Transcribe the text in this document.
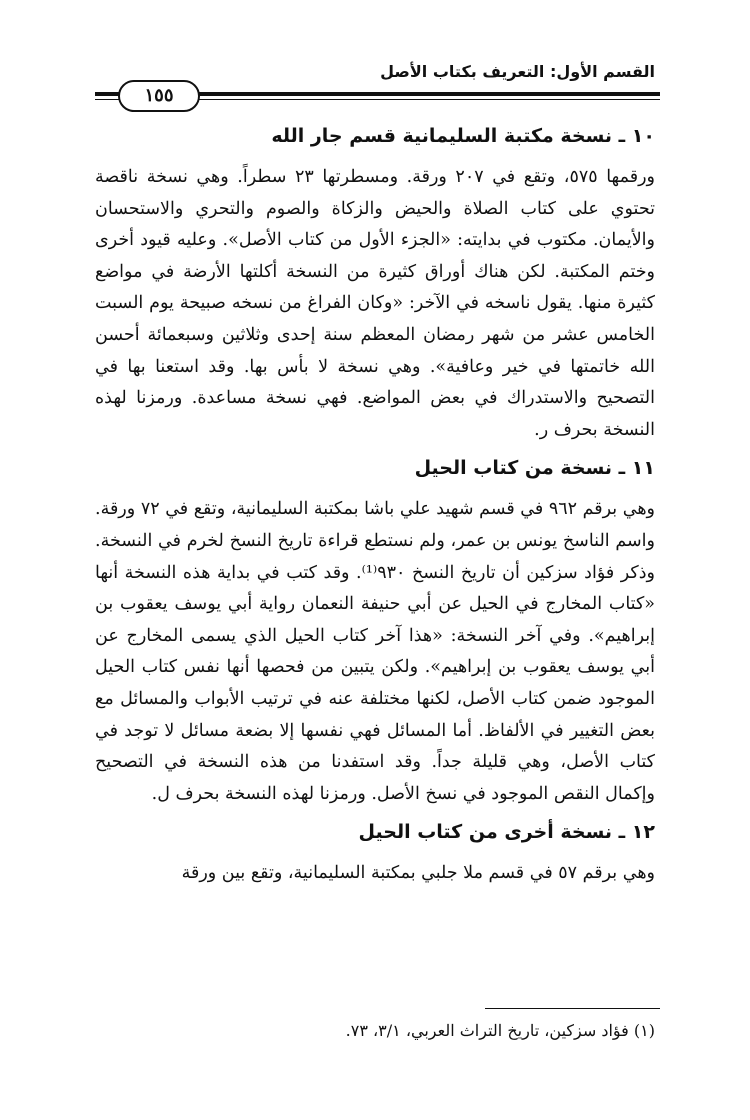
القسم الأول: التعريف بكتاب الأصل
١٥٥
١٠ ـ نسخة مكتبة السليمانية قسم جار الله

ورقمها ٥٧٥، وتقع في ٢٠٧ ورقة. ومسطرتها ٢٣ سطراً. وهي نسخة ناقصة تحتوي على كتاب الصلاة والحيض والزكاة والصوم والتحري والاستحسان والأيمان. مكتوب في بدايته: «الجزء الأول من كتاب الأصل». وعليه قيود أخرى وختم المكتبة. لكن هناك أوراق كثيرة من النسخة أكلتها الأرضة في مواضع كثيرة منها. يقول ناسخه في الآخر: «وكان الفراغ من نسخه صبيحة يوم السبت الخامس عشر من شهر رمضان المعظم سنة إحدى وثلاثين وسبعمائة أحسن الله خاتمتها في خير وعافية». وهي نسخة لا بأس بها. وقد استعنا بها في التصحيح والاستدراك في بعض المواضع. فهي نسخة مساعدة. ورمزنا لهذه النسخة بحرف ر.

١١ ـ نسخة من كتاب الحيل

وهي برقم ٩٦٢ في قسم شهيد علي باشا بمكتبة السليمانية، وتقع في ٧٢ ورقة. واسم الناسخ يونس بن عمر، ولم نستطع قراءة تاريخ النسخ لخرم في النسخة. وذكر فؤاد سزكين أن تاريخ النسخ ٩٣٠⁽¹⁾. وقد كتب في بداية هذه النسخة أنها «كتاب المخارج في الحيل عن أبي حنيفة النعمان رواية أبي يوسف يعقوب بن إبراهيم». وفي آخر النسخة: «هذا آخر كتاب الحيل الذي يسمى المخارج عن أبي يوسف يعقوب بن إبراهيم». ولكن يتبين من فحصها أنها نفس كتاب الحيل الموجود ضمن كتاب الأصل، لكنها مختلفة عنه في ترتيب الأبواب والمسائل مع بعض التغيير في الألفاظ. أما المسائل فهي نفسها إلا بضعة مسائل لا توجد في كتاب الأصل، وهي قليلة جداً. وقد استفدنا من هذه النسخة في التصحيح وإكمال النقص الموجود في نسخ الأصل. ورمزنا لهذه النسخة بحرف ل.

١٢ ـ نسخة أخرى من كتاب الحيل

وهي برقم ٥٧ في قسم ملا جلبي بمكتبة السليمانية، وتقع بين ورقة

(١) فؤاد سزكين، تاريخ التراث العربي، ٣/١، ٧٣.
